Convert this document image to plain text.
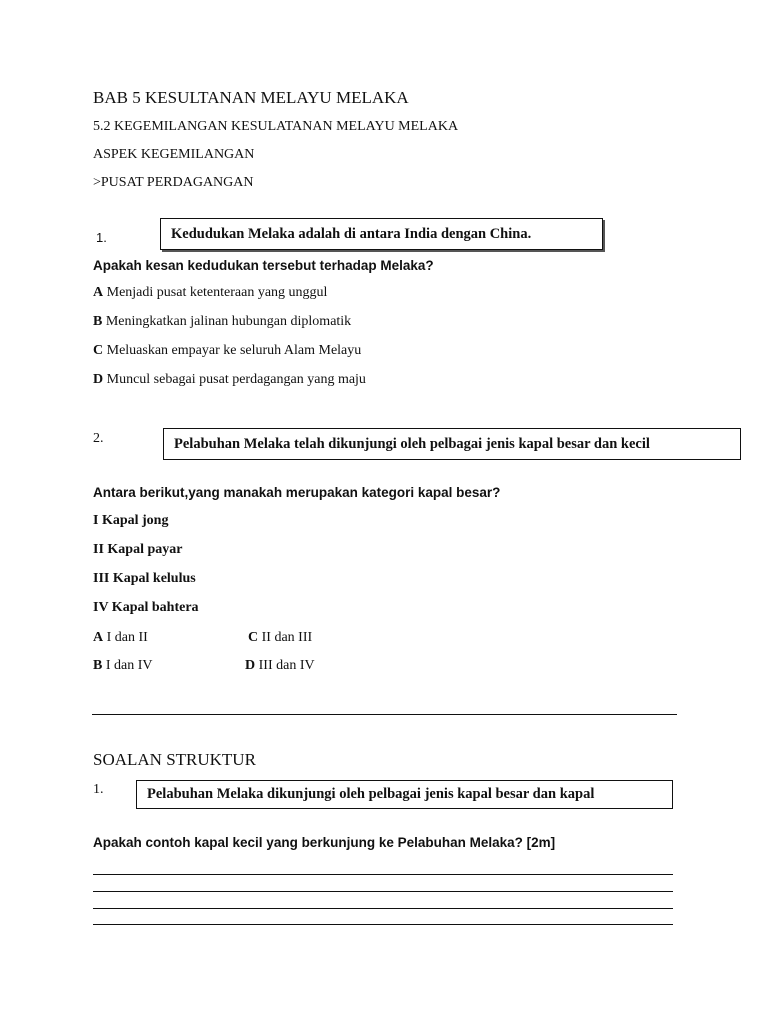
BAB 5 KESULTANAN MELAYU MELAKA
5.2 KEGEMILANGAN KESULATANAN MELAYU MELAKA
ASPEK KEGEMILANGAN
>PUSAT PERDAGANGAN
1.	Kedudukan Melaka adalah di antara India dengan China.
Apakah kesan kedudukan tersebut terhadap Melaka?
A Menjadi pusat ketenteraan yang unggul
B Meningkatkan jalinan hubungan diplomatik
C Meluaskan empayar ke seluruh Alam Melayu
D Muncul sebagai pusat perdagangan yang maju
2.	Pelabuhan Melaka telah dikunjungi oleh pelbagai jenis kapal besar dan kecil
Antara berikut,yang manakah merupakan kategori kapal besar?
I Kapal jong
II Kapal payar
III Kapal kelulus
IV Kapal bahtera
A I dan II	C II dan III
B I dan IV	D III dan IV
SOALAN STRUKTUR
1.	Pelabuhan Melaka dikunjungi oleh pelbagai jenis kapal besar dan kapal
Apakah contoh kapal kecil yang berkunjung ke Pelabuhan Melaka? [2m]
